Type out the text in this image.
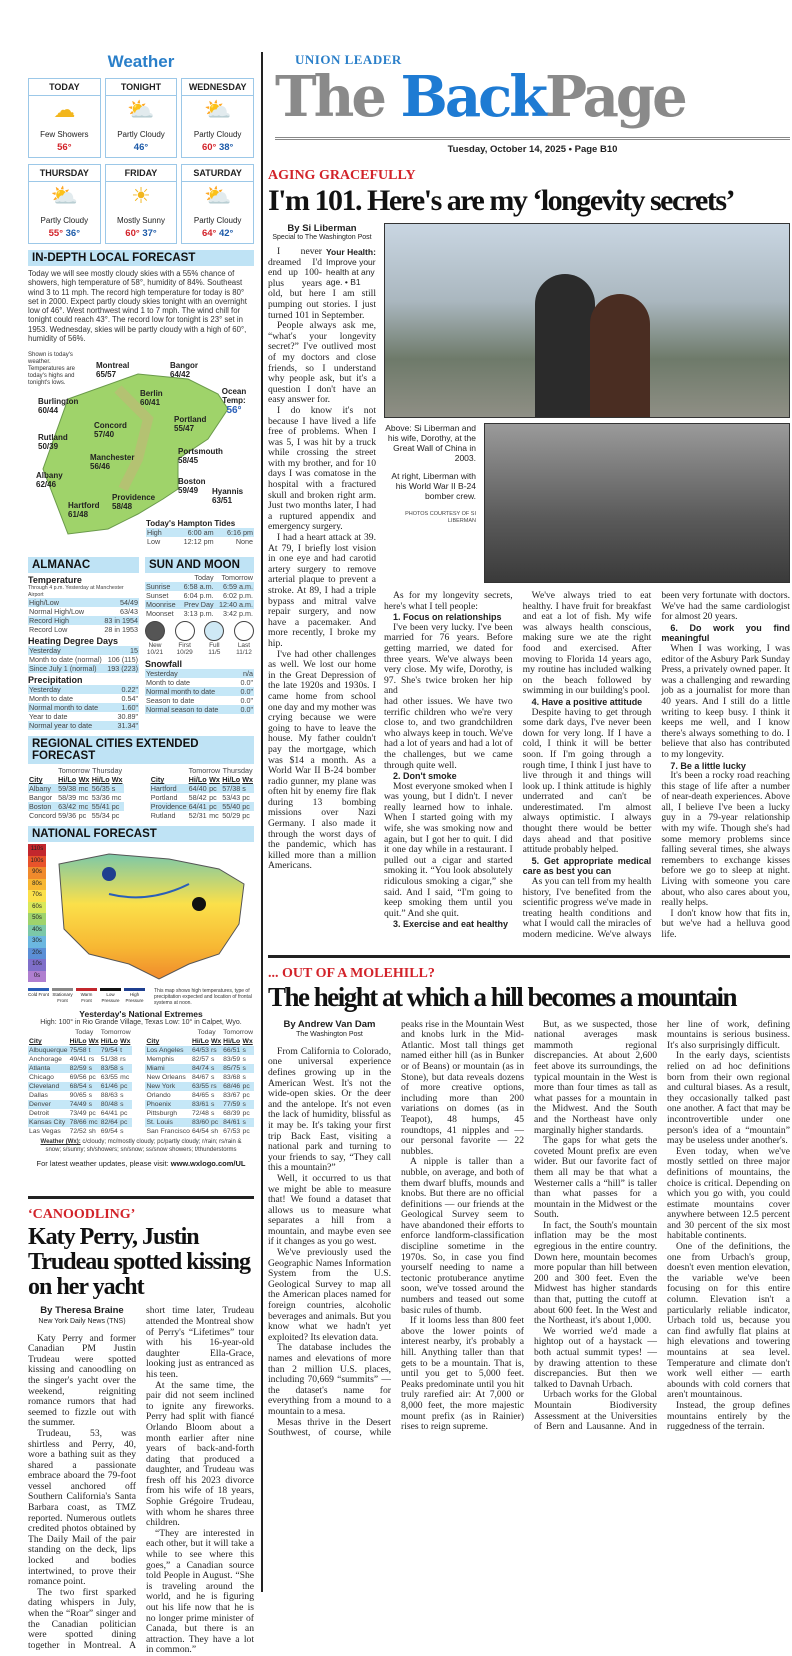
Weather
TODAY
☁
Few Showers
56°
TONIGHT
⛅
Partly Cloudy
46°
WEDNESDAY
⛅
Partly Cloudy
60° 38°
THURSDAY
⛅
Partly Cloudy
55° 36°
FRIDAY
☀
Mostly Sunny
60° 37°
SATURDAY
⛅
Partly Cloudy
64° 42°
IN-DEPTH LOCAL FORECAST
Today we will see mostly cloudy skies with a 55% chance of showers, high temperature of 58°, humidity of 84%. Southeast wind 3 to 11 mph. The record high temperature for today is 80° set in 2000. Expect partly cloudy skies tonight with an overnight low of 46°. West northwest wind 1 to 7 mph. The wind chill for tonight could reach 43°. The record low for tonight is 23° set in 1953. Wednesday, skies will be partly cloudy with a high of 60°, humidity of 56%.
Shown is today's weather. Temperatures are today's highs and tonight's lows.
Montreal
65/57
Bangor
64/42
Berlin
60/41
Burlington
60/44
Rutland
50/39
Concord
57/40
Portland
55/47
Manchester
56/46
Portsmouth
58/45
Boston
59/49
Albany
62/46
Hyannis
63/51
Hartford
61/48
Providence
58/48
Ocean Temp:
56°
Today's Hampton Tides
High	6:00 am	6:16 pm
Low	12:12 pm	None
ALMANAC
Temperature
Through 4 p.m. Yesterday at Manchester Airport
High/Low	54/49
Normal High/Low	63/43
Record High	83 in 1954
Record Low	28 in 1953
Heating Degree Days
Yesterday	15
Month to date (normal)	106 (115)
Since July 1 (normal)	193 (223)
Precipitation
Yesterday	0.22"
Month to date	0.54"
Normal month to date	1.60"
Year to date	30.89"
Normal year to date	31.34"
SUN AND MOON
	Today	Tomorrow
Sunrise	6:58 a.m.	6:59 a.m.
Sunset	6:04 p.m.	6:02 p.m.
Moonrise	Prev Day	12:40 a.m.
Moonset	3:13 p.m.	3:42 p.m.
New
10/21
First
10/29
Full
11/5
Last
11/12
Snowfall
Yesterday	n/a
Month to date	0.0"
Normal month to date	0.0"
Season to date	0.0"
Normal season to date	0.0"
REGIONAL CITIES EXTENDED FORECAST
	Tomorrow		Thursday	
City	Hi/Lo	Wx	Hi/Lo	Wx
Albany	59/38	mc	56/35	s
Bangor	58/39	mc	53/36	mc
Boston	63/42	mc	55/41	pc
Concord	59/36	pc	55/34	pc
	Tomorrow		Thursday	
City	Hi/Lo	Wx	Hi/Lo	Wx
Hartford	64/40	pc	57/38	s
Portland	58/42	pc	53/43	pc
Providence	64/41	pc	55/40	pc
Rutland	52/31	mc	50/29	pc
NATIONAL FORECAST
110s
100s
90s
80s
70s
60s
50s
40s
30s
20s
10s
0s
Cold Front Stationary Front
Warm Front
Low Pressure
High Pressure
This map shows high temperatures, type of precipitation expected and location of frontal systems at noon.
Yesterday's National Extremes
High: 100° in Rio Grande Village, Texas Low: 10° in Calpet, Wyo.
	Today		Tomorrow	
City	Hi/Lo	Wx	Hi/Lo	Wx
Albuquerque	75/58	t	79/54	t
Anchorage	49/41	rs	51/38	rs
Atlanta	82/59	s	83/58	s
Chicago	69/56	pc	63/55	mc
Cleveland	68/54	s	61/46	pc
Dallas	90/65	s	88/63	s
Denver	74/49	s	80/48	s
Detroit	73/49	pc	64/41	pc
Kansas City	78/66	mc	82/64	pc
Las Vegas	72/52	sh	69/54	s
	Today		Tomorrow	
City	Hi/Lo	Wx	Hi/Lo	Wx
Los Angeles	64/53	rs	66/51	s
Memphis	82/57	s	83/59	s
Miami	84/74	s	85/75	s
New Orleans	84/67	s	83/68	s
New York	63/55	rs	68/46	pc
Orlando	84/65	s	83/67	pc
Phoenix	83/61	s	77/59	s
Pittsburgh	72/48	s	68/39	pc
St. Louis	83/60	pc	84/61	s
San Francisco	64/54	sh	67/53	pc
Weather (Wx): c/cloudy; mc/mostly cloudy; pc/partly cloudy; r/rain; rs/rain & snow; s/sunny; sh/showers; sn/snow; ss/snow showers; t/thunderstorms
For latest weather updates, please visit: www.wxlogo.com/UL
‘CANOODLING’
Katy Perry, Justin Trudeau spotted kissing on her yacht
By Theresa Braine
New York Daily News (TNS)

Katy Perry and former Canadian PM Justin Trudeau were spotted kissing and canoodling on the singer's yacht over the weekend, reigniting romance rumors that had seemed to fizzle out with the summer.

Trudeau, 53, was shirtless and Perry, 40, wore a bathing suit as they shared a passionate embrace aboard the 79-foot vessel anchored off Southern California's Santa Barbara coast, as TMZ reported. Numerous outlets credited photos obtained by The Daily Mail of the pair standing on the deck, lips locked and bodies intertwined, to prove their romance point.

The two first sparked dating whispers in July, when the “Roar” singer and the Canadian politician were spotted dining together in Montreal. A short time later, Trudeau attended the Montreal show of Perry's “Lifetimes” tour with his 16-year-old daughter Ella-Grace, looking just as entranced as his teen.

At the same time, the pair did not seem inclined to ignite any fireworks. Perry had split with fiancé Orlando Bloom about a month earlier after nine years of back-and-forth dating that produced a daughter, and Trudeau was fresh off his 2023 divorce from his wife of 18 years, Sophie Grégoire Trudeau, with whom he shares three children.

“They are interested in each other, but it will take a while to see where this goes,” a Canadian source told People in August. “She is traveling around the world, and he is figuring out his life now that he is no longer prime minister of Canada, but there is an attraction. They have a lot in common.”

UNION LEADER
The BackPage
Tuesday, October 14, 2025 • Page B10
AGING GRACEFULLY
I'm 101. Here's are my ‘longevity secrets’
By Si Liberman
Special to The Washington Post
Your Health: Improve your health at any age. • B1

I never dreamed I'd end up 100-plus years old, but here I am still pumping out stories. I just turned 101 in September.

People always ask me, “what's your longevity secret?” I've outlived most of my doctors and close friends, so I understand why people ask, but it's a question I don't have an easy answer for.

I do know it's not because I have lived a life free of problems. When I was 5, I was hit by a truck while crossing the street with my brother, and for 10 days I was comatose in the hospital with a fractured skull and broken right arm. Just two months later, I had a ruptured appendix and emergency surgery.

I had a heart attack at 39. At 79, I briefly lost vision in one eye and had carotid artery surgery to remove arterial plaque to prevent a stroke. At 89, I had a triple bypass and mitral valve repair surgery, and now have a pacemaker. And more recently, I broke my hip.

I've had other challenges as well. We lost our home in the Great Depression of the late 1920s and 1930s. I came home from school one day and my mother was crying because we were going to have to leave the house. My father couldn't pay the mortgage, which was $14 a month. As a World War II B-24 bomber radio gunner, my plane was often hit by enemy fire flak during 13 bombing missions over Nazi Germany. I also made it through the worst days of the pandemic, which has killed more than a million Americans.

Above: Si Liberman and his wife, Dorothy, at the Great Wall of China in 2003.
At right, Liberman with his World War II B-24 bomber crew.
PHOTOS COURTESY OF SI LIBERMAN

As for my longevity secrets, here's what I tell people:

1. Focus on relationships

I've been very lucky. I've been married for 76 years. Before getting married, we dated for three years. We've always been very close. My wife, Dorothy, is 97. She's twice broken her hip and

had other issues. We have two terrific children who we're very close to, and two grandchildren who always keep in touch. We've had a lot of years and had a lot of the challenges, but we came through quite well.

2. Don't smoke

Most everyone smoked when I was young, but I didn't. I never really learned how to inhale. When I started going with my wife, she was smoking now and again, but I got her to quit. I did it one day while in a restaurant. I pulled out a cigar and started smoking it. “You look absolutely ridiculous smoking a cigar,” she said. And I said, “I'm going to keep smoking them until you quit.” And she quit.

3. Exercise and eat healthy

We've always tried to eat healthy. I have fruit for breakfast and eat a lot of fish. My wife was always health conscious, making sure we ate the right food and exercised. After moving to Florida 14 years ago, my routine has included walking on the beach followed by swimming in our building's pool.

4. Have a positive attitude

Despite having to get through some dark days, I've never been down for very long. If I have a cold, I think it will be better soon. If I'm going through a rough time, I think I just have to live through it and things will look up. I think attitude is highly underrated and can't be underestimated. I'm almost always optimistic. I always thought there would be better days ahead and that positive attitude probably helped.

5. Get appropriate medical care as best you can

As you can tell from my health history, I've benefited from the scientific progress we've made in treating health conditions and what I would call the miracles of modern medicine. We've always been very fortunate with doctors. We've had the same cardiologist for almost 20 years.

6. Do work you find meaningful

When I was working, I was editor of the Asbury Park Sunday Press, a privately owned paper. It was a challenging and rewarding job as a journalist for more than 40 years. And I still do a little writing to keep busy. I think it keeps me well, and I know there's always something to do. I believe that also has contributed to my longevity.

7. Be a little lucky

It's been a rocky road reaching this stage of life after a number of near-death experiences. Above all, I believe I've been a lucky guy in a 79-year relationship with my wife. Though she's had some memory problems since falling several times, she always remembers to exchange kisses before we go to sleep at night. Living with someone you care about, who also cares about you, really helps.

I don't know how that fits in, but we've had a helluva good life.

... OUT OF A MOLEHILL?
The height at which a hill becomes a mountain
By Andrew Van Dam
The Washington Post

From California to Colorado, one universal experience defines growing up in the American West. It's not the wide-open skies. Or the deer and the antelope. It's not even the lack of humidity, blissful as it may be. It's taking your first trip Back East, visiting a national park and turning to your friends to say, “They call this a mountain?”

Well, it occurred to us that we might be able to measure that! We found a dataset that allows us to measure what separates a hill from a mountain, and maybe even see if it changes as you go west.

We've previously used the Geographic Names Information System from the U.S. Geological Survey to map all the American places named for foreign countries, alcoholic beverages and animals. But you know what we hadn't yet exploited? Its elevation data.

The database includes the names and elevations of more than 2 million U.S. places, including 70,669 “summits” — the dataset's name for everything from a mound to a mountain to a mesa.

Mesas thrive in the Desert Southwest, of course, while peaks rise in the Mountain West and knobs lurk in the Mid-Atlantic. Most tall things get named either hill (as in Bunker or of Beans) or mountain (as in Stone), but data reveals dozens of more creative options, including more than 200 variations on domes (as in Teapot), 48 humps, 45 roundtops, 41 nipples and — our personal favorite — 22 nubbles.

A nipple is taller than a nubble, on average, and both of them dwarf bluffs, mounds and knobs. But there are no official definitions — our friends at the Geological Survey seem to have abandoned their efforts to enforce landform-classification discipline sometime in the 1970s. So, in case you find yourself needing to name a tectonic protuberance anytime soon, we've tossed around the numbers and teased out some basic rules of thumb.

If it looms less than 800 feet above the lower points of interest nearby, it's probably a hill. Anything taller than that gets to be a mountain. That is, until you get to 5,000 feet. Peaks predominate until you hit truly rarefied air: At 7,000 or 8,000 feet, the more majestic mount prefix (as in Rainier) rises to reign supreme.

But, as we suspected, those national averages mask mammoth regional discrepancies. At about 2,600 feet above its surroundings, the typical mountain in the West is more than four times as tall as what passes for a mountain in the Midwest. And the South and the Northeast have only marginally higher standards.

The gaps for what gets the coveted Mount prefix are even wider. But our favorite fact of them all may be that what a Westerner calls a “hill” is taller than what passes for a mountain in the Midwest or the South.

In fact, the South's mountain inflation may be the most egregious in the entire country. Down here, mountain becomes more popular than hill between 200 and 300 feet. Even the Midwest has higher standards than that, putting the cutoff at about 600 feet. In the West and the Northeast, it's about 1,000.

We worried we'd made a hightop out of a haystack — both actual summit types! — by drawing attention to these discrepancies. But then we talked to Davnah Urbach.

Urbach works for the Global Mountain Biodiversity Assessment at the Universities of Bern and Lausanne. And in her line of work, defining mountains is serious business. It's also surprisingly difficult.

In the early days, scientists relied on ad hoc definitions born from their own regional and cultural biases. As a result, they occasionally talked past one another. A fact that may be incontrovertible under one person's idea of a “mountain” may be useless under another's.

Even today, when we've mostly settled on three major definitions of mountains, the choice is critical. Depending on which you go with, you could estimate mountains cover anywhere between 12.5 percent and 30 percent of the six most habitable continents.

One of the definitions, the one from Urbach's group, doesn't even mention elevation, the variable we've been focusing on for this entire column. Elevation isn't a particularly reliable indicator, Urbach told us, because you can find awfully flat plains at high elevations and towering mountains at sea level. Temperature and climate don't work well either — earth abounds with cold corners that aren't mountainous.

Instead, the group defines mountains entirely by the ruggedness of the terrain.
